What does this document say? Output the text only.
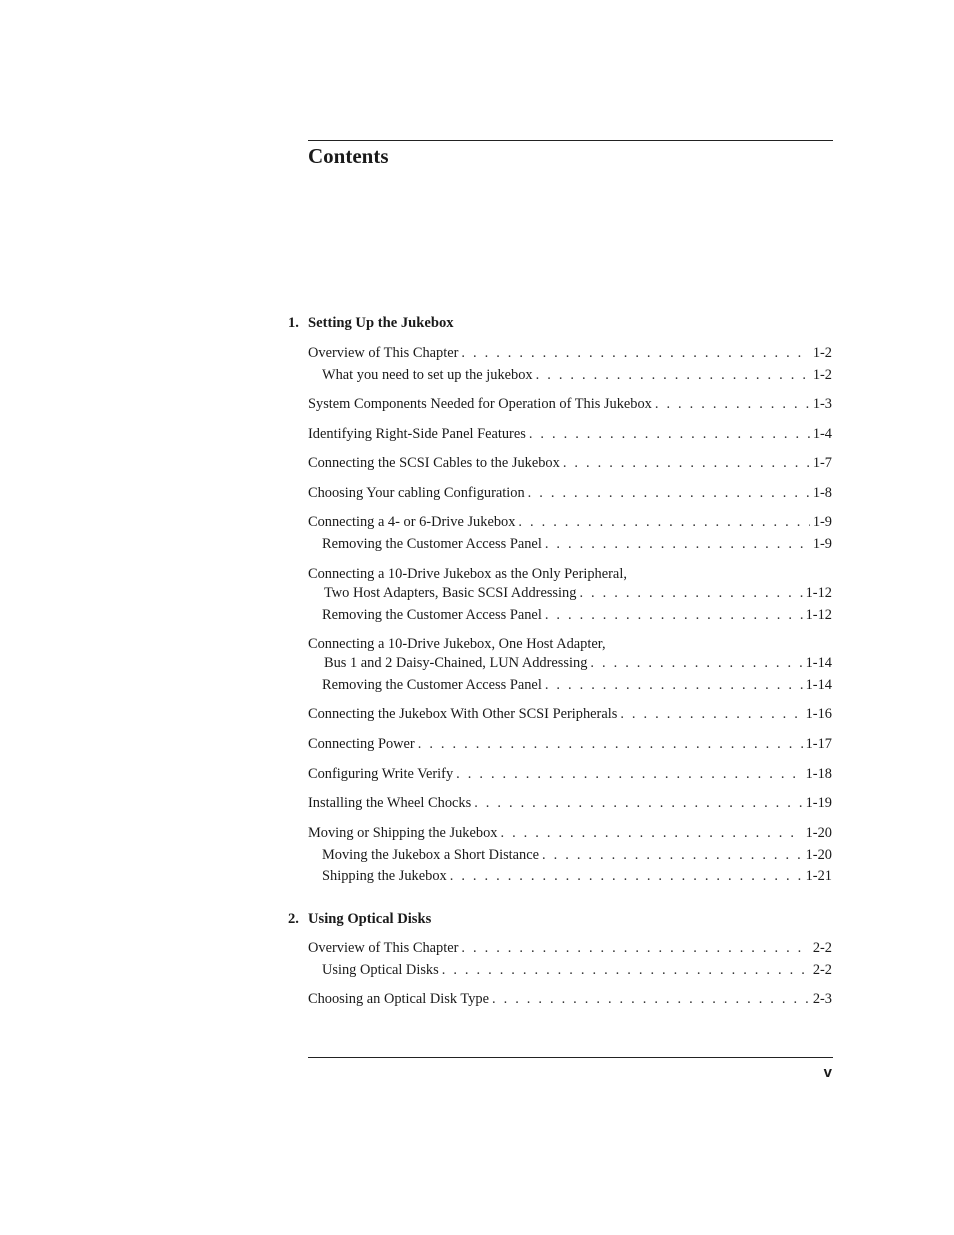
Contents
1. Setting Up the Jukebox
Overview of This Chapter . . .	1-2
What you need to set up the jukebox . . .	1-2
System Components Needed for Operation of This Jukebox . . .	1-3
Identifying Right-Side Panel Features . . .	1-4
Connecting the SCSI Cables to the Jukebox . . .	1-7
Choosing Your cabling Configuration . . .	1-8
Connecting a 4- or 6-Drive Jukebox . . .	1-9
Removing the Customer Access Panel . . .	1-9
Connecting a 10-Drive Jukebox as the Only Peripheral,
Two Host Adapters, Basic SCSI Addressing . . .	1-12
Removing the Customer Access Panel . . .	1-12
Connecting a 10-Drive Jukebox, One Host Adapter,
Bus 1 and 2 Daisy-Chained, LUN Addressing . . .	1-14
Removing the Customer Access Panel . . .	1-14
Connecting the Jukebox With Other SCSI Peripherals . . .	1-16
Connecting Power . . .	1-17
Configuring Write Verify . . .	1-18
Installing the Wheel Chocks . . .	1-19
Moving or Shipping the Jukebox . . .	1-20
Moving the Jukebox a Short Distance . . .	1-20
Shipping the Jukebox . . .	1-21
2. Using Optical Disks
Overview of This Chapter . . .	2-2
Using Optical Disks . . .	2-2
Choosing an Optical Disk Type . . .	2-3
v
